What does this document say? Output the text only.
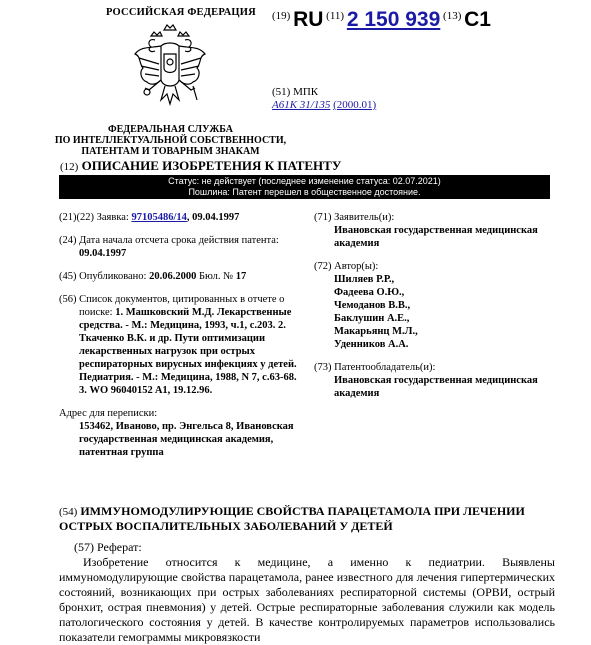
РОССИЙСКАЯ ФЕДЕРАЦИЯ
ФЕДЕРАЛЬНАЯ СЛУЖБА
ПО ИНТЕЛЛЕКТУАЛЬНОЙ СОБСТВЕННОСТИ,
ПАТЕНТАМ И ТОВАРНЫМ ЗНАКАМ
(19) RU (11) 2 150 939 (13) C1
(51) МПК
A61K 31/135 (2000.01)
(12) ОПИСАНИЕ ИЗОБРЕТЕНИЯ К ПАТЕНТУ
Статус: не действует (последнее изменение статуса: 02.07.2021)
Пошлина: Патент перешел в общественное достояние.
(21)(22) Заявка: 97105486/14, 09.04.1997
(24) Дата начала отсчета срока действия патента:
09.04.1997
(45) Опубликовано: 20.06.2000 Бюл. № 17
(56) Список документов, цитированных в отчете о поиске: 1. Машковский М.Д. Лекарственные средства. - М.: Медицина, 1993, ч.1, с.203. 2. Ткаченко В.К. и др. Пути оптимизации лекарственных нагрузок при острых респираторных вирусных инфекциях у детей. Педиатрия. - М.: Медицина, 1988, N 7, с.63-68. 3. WO 96040152 A1, 19.12.96.
Адрес для переписки:
153462, Иваново, пр. Энгельса 8, Ивановская государственная медицинская академия, патентная группа
(71) Заявитель(и):
Ивановская государственная медицинская академия
(72) Автор(ы):
Шиляев Р.Р.,
Фадеева О.Ю.,
Чемоданов В.В.,
Баклушин А.Е.,
Макарьянц М.Л.,
Уденников А.А.
(73) Патентообладатель(и):
Ивановская государственная медицинская академия
(54) ИММУНОМОДУЛИРУЮЩИЕ СВОЙСТВА ПАРАЦЕТАМОЛА ПРИ ЛЕЧЕНИИ ОСТРЫХ ВОСПАЛИТЕЛЬНЫХ ЗАБОЛЕВАНИЙ У ДЕТЕЙ
(57) Реферат:
Изобретение относится к медицине, а именно к педиатрии. Выявлены иммуномодулирующие свойства парацетамола, ранее известного для лечения гипертермических состояний, возникающих при острых заболеваниях респираторной системы (ОРВИ, острый бронхит, острая пневмония) у детей. Острые респираторные заболевания служили как модель патологического состояния у детей. В качестве контролируемых параметров использовались показатели гемограммы микровязкости
